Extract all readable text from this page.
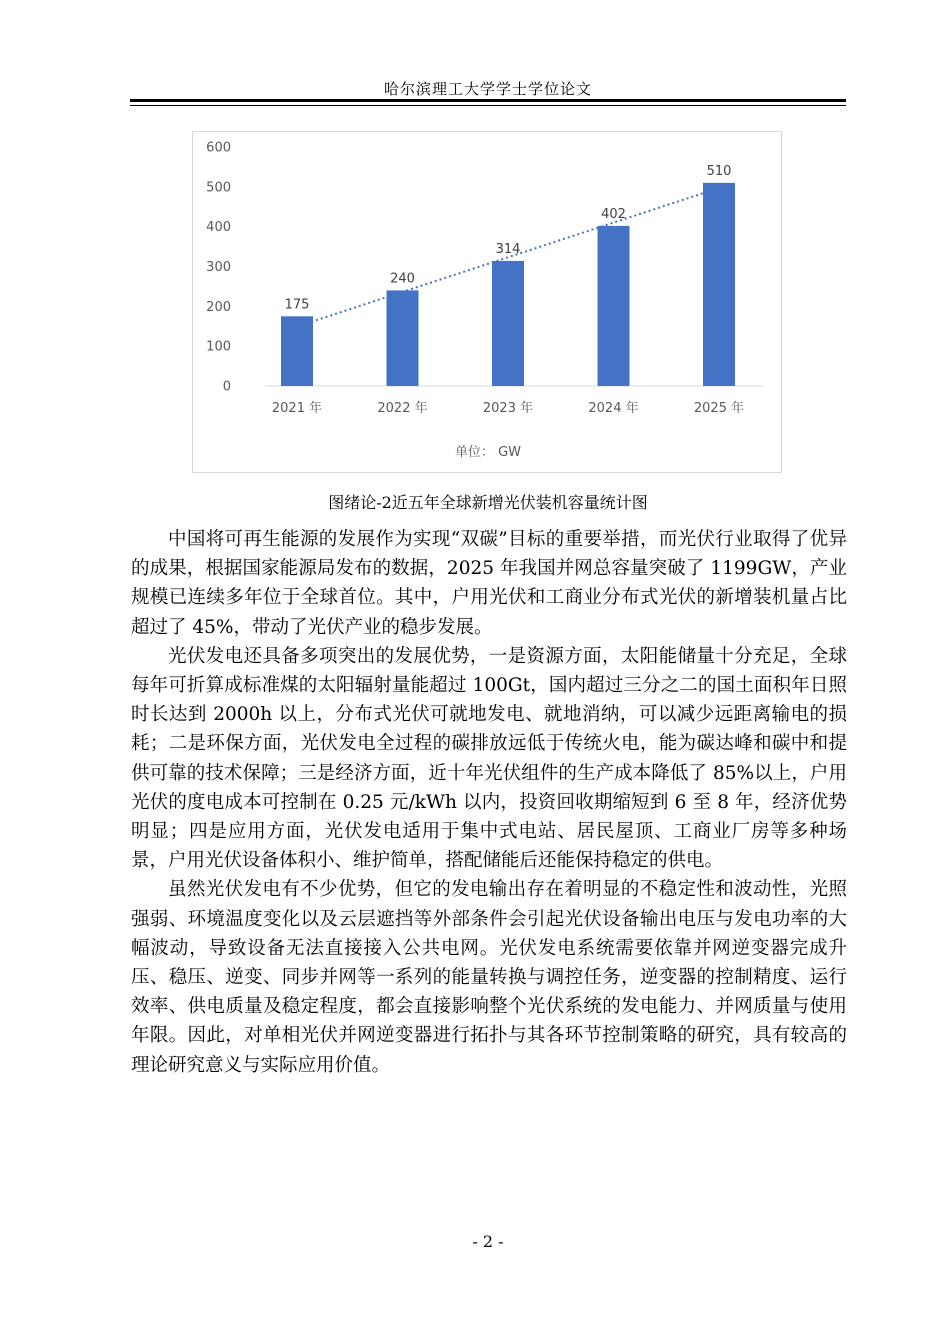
哈尔滨理工大学学士学位论文
0
100
200
300
400
500
600
175
2021 年
240
2022 年
314
2023 年
402
2024 年
510
2025 年
单位： GW
图绪论-2近五年全球新增光伏装机容量统计图

中国将可再生能源的发展作为实现“双碳”目标的重要举措，而光伏行业取得了优异的成果，根据国家能源局发布的数据，2025 年我国并网总容量突破了 1199GW，产业规模已连续多年位于全球首位。其中，户用光伏和工商业分布式光伏的新增装机量占比超过了 45%，带动了光伏产业的稳步发展。

光伏发电还具备多项突出的发展优势，一是资源方面，太阳能储量十分充足，全球每年可折算成标准煤的太阳辐射量能超过 100Gt，国内超过三分之二的国土面积年日照时长达到 2000h 以上，分布式光伏可就地发电、就地消纳，可以减少远距离输电的损耗；二是环保方面，光伏发电全过程的碳排放远低于传统火电，能为碳达峰和碳中和提供可靠的技术保障；三是经济方面，近十年光伏组件的生产成本降低了 85%以上，户用光伏的度电成本可控制在 0.25 元/kWh 以内，投资回收期缩短到 6 至 8 年，经济优势明显；四是应用方面，光伏发电适用于集中式电站、居民屋顶、工商业厂房等多种场景，户用光伏设备体积小、维护简单，搭配储能后还能保持稳定的供电。

虽然光伏发电有不少优势，但它的发电输出存在着明显的不稳定性和波动性，光照强弱、环境温度变化以及云层遮挡等外部条件会引起光伏设备输出电压与发电功率的大幅波动，导致设备无法直接接入公共电网。光伏发电系统需要依靠并网逆变器完成升压、稳压、逆变、同步并网等一系列的能量转换与调控任务，逆变器的控制精度、运行效率、供电质量及稳定程度，都会直接影响整个光伏系统的发电能力、并网质量与使用年限。因此，对单相光伏并网逆变器进行拓扑与其各环节控制策略的研究，具有较高的理论研究意义与实际应用价值。

- 2 -
